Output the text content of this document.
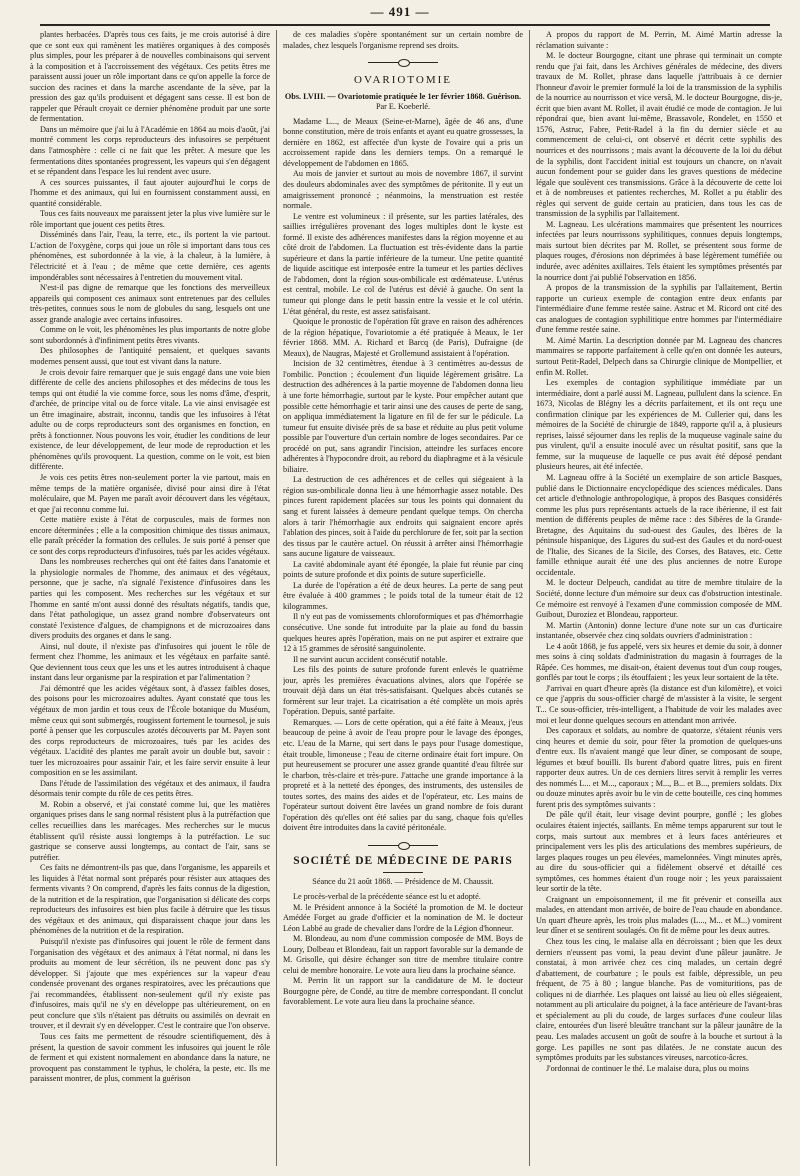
— 491 —

plantes herbacées. D'après tous ces faits, je me crois autorisé à dire que ce sont eux qui ramènent les matières organiques à des composés plus simples, pour les préparer à de nouvelles combinaisons qui servent à la composition et à l'accroissement des végétaux. Ces petits êtres me paraissent aussi jouer un rôle important dans ce qu'on appelle la force de succion des racines et dans la marche ascendante de la sève, par la pression des gaz qu'ils produisent et dégagent sans cesse. Il est bon de rappeler que Pérault croyait ce dernier phénomène produit par une sorte de fermentation.

Dans un mémoire que j'ai lu à l'Académie en 1864 au mois d'août, j'ai montré comment les corps reproducteurs des infusoires se perpétuent dans l'atmosphère : celle ci ne fait que les prêter. A mesure que les fermentations dites spontanées progressent, les vapeurs qui s'en dégagent et se répandent dans l'espace les lui rendent avec usure.

A ces sources puissantes, il faut ajouter aujourd'hui le corps de l'homme et des animaux, qui lui en fournissent constamment aussi, en quantité considérable.

Tous ces faits nouveaux me paraissent jeter la plus vive lumière sur le rôle important que jouent ces petits êtres.

Disséminés dans l'air, l'eau, la terre, etc., ils portent la vie partout. L'action de l'oxygène, corps qui joue un rôle si important dans tous ces phénomènes, est subordonnée à la vie, à la chaleur, à la lumière, à l'électricité et à l'eau ; de même que cette dernière, ces agents impondérables sont nécessaires à l'entretien du mouvement vital.

N'est-il pas digne de remarque que les fonctions des merveilleux appareils qui composent ces animaux sont entretenues par des cellules très-petites, connues sous le nom de globules du sang, lesquels ont une assez grande analogie avec certains infusoires.

Comme on le voit, les phénomènes les plus importants de notre globe sont subordonnés à d'infiniment petits êtres vivants.

Des philosophes de l'antiquité pensaient, et quelques savants modernes pensent aussi, que tout est vivant dans la nature.

Je crois devoir faire remarquer que je suis engagé dans une voie bien différente de celle des anciens philosophes et des médecins de tous les temps qui ont étudié la vie comme force, sous les noms d'âme, d'esprit, d'archée, de principe vital ou de force vitale. La vie ainsi envisagée est un être imaginaire, abstrait, inconnu, tandis que les infusoires à l'état adulte ou de corps reproducteurs sont des organismes en fonction, en prêts à fonctionner. Nous pouvons les voir, étudier les conditions de leur existence, de leur développement, de leur mode de reproduction et les phénomènes qu'ils provoquent. La question, comme on le voit, est bien différente.

Je vois ces petits êtres non-seulement porter la vie partout, mais en même temps de la matière organisée, divisé pour ainsi dire à l'état moléculaire, que M. Payen me paraît avoir découvert dans les végétaux, et que j'ai reconnu comme lui.

Cette matière existe à l'état de corpuscules, mais de formes non encore déterminées ; elle a la composition chimique des tissus animaux, elle paraît précéder la formation des cellules. Je suis porté à penser que ce sont des corps reproducteurs d'infusoires, tués par les acides végétaux.

Dans les nombreuses recherches qui ont été faites dans l'anatomie et la physiologie normales de l'homme, des animaux et des végétaux, personne, que je sache, n'a signalé l'existence d'infusoires dans les parties qui les composent. Mes recherches sur les végétaux et sur l'homme en santé m'ont aussi donné des résultats négatifs, tandis que, dans l'état pathologique, un assez grand nombre d'observateurs ont constaté l'existence d'algues, de champignons et de microzoaires dans divers produits des organes et dans le sang.

Ainsi, nul doute, il n'existe pas d'infusoires qui jouent le rôle de ferment chez l'homme, les animaux et les végétaux en parfaite santé. Que deviennent tous ceux que les uns et les autres introduisent à chaque instant dans leur organisme par la respiration et par l'alimentation ?

J'ai démontré que les acides végétaux sont, à d'assez faibles doses, des poisons pour les microzoaires adultes. Ayant constaté que tous les végétaux de mon jardin et tous ceux de l'École botanique du Muséum, même ceux qui sont submergés, rougissent fortement le tournesol, je suis porté à penser que les corpuscules azotés découverts par M. Payen sont des corps reproducteurs de microzoaires, tués par les acides des végétaux. L'acidité des plantes me paraît avoir un double but, savoir : tuer les microzoaires pour assainir l'air, et les faire servir ensuite à leur composition en se les assimilant.

Dans l'étude de l'assimilation des végétaux et des animaux, il faudra désormais tenir compte du rôle de ces petits êtres.

M. Robin a observé, et j'ai constaté comme lui, que les matières organiques prises dans le sang normal résistent plus à la putréfaction que celles recueillies dans les marécages. Mes recherches sur le mucus établissent qu'il résiste aussi longtemps à la putréfaction. Le suc gastrique se conserve aussi longtemps, au contact de l'air, sans se putréfier.

Ces faits ne démontrent-ils pas que, dans l'organisme, les appareils et les liquides à l'état normal sont préparés pour résister aux attaques des ferments vivants ? On comprend, d'après les faits connus de la digestion, de la nutrition et de la respiration, que l'organisation si délicate des corps reproducteurs des infusoires est bien plus facile à détruire que les tissus des végétaux et des animaux, qui disparaissent chaque jour dans les phénomènes de la nutrition et de la respiration.

Puisqu'il n'existe pas d'infusoires qui jouent le rôle de ferment dans l'organisation des végétaux et des animaux à l'état normal, ni dans les produits au moment de leur sécrétion, ils ne peuvent donc pas s'y développer. Si j'ajoute que mes expériences sur la vapeur d'eau condensée provenant des organes respiratoires, avec les précautions que j'ai recommandées, établissent non-seulement qu'il n'y existe pas d'infusoires, mais qu'il ne s'y en développe pas ultérieurement, on en peut conclure que s'ils n'étaient pas détruits ou assimilés on devrait en trouver, et il devrait s'y en développer. C'est le contraire que l'on observe.

Tous ces faits me permettent de résoudre scientifiquement, dès à présent, la question de savoir comment les infusoires qui jouent le rôle de ferment et qui existent normalement en abondance dans la nature, ne provoquent pas constamment le typhus, le choléra, la peste, etc. Ils me paraissent montrer, de plus, comment la guérison

de ces maladies s'opère spontanément sur un certain nombre de malades, chez lesquels l'organisme reprend ses droits.

OVARIOTOMIE
Obs. LVIII. — Ovariotomie pratiquée le 1er février 1868. Guérison.
Par E. Koeberlé.

Madame L..., de Meaux (Seine-et-Marne), âgée de 46 ans, d'une bonne constitution, mère de trois enfants et ayant eu quatre grossesses, la dernière en 1862, est affectée d'un kyste de l'ovaire qui a pris un accroissement rapide dans les derniers temps. On a remarqué le développement de l'abdomen en 1865.

Au mois de janvier et surtout au mois de novembre 1867, il survint des douleurs abdominales avec des symptômes de péritonite. Il y eut un amaigrissement prononcé ; néanmoins, la menstruation est restée normale.

Le ventre est volumineux : il présente, sur les parties latérales, des saillies irrégulières provenant des loges multiples dont le kyste est formé. Il existe des adhérences manifestes dans la région moyenne et au côté droit de l'abdomen. La fluctuation est très-évidente dans la partie supérieure et dans la partie inférieure de la tumeur. Une petite quantité de liquide ascitique est interposée entre la tumeur et les parties déclives de l'abdomen, dont la région sous-ombilicale est œdémateuse. L'utérus est central, mobile. Le col de l'utérus est dévié à gauche. On sent la tumeur qui plonge dans le petit bassin entre la vessie et le col utérin. L'état général, du reste, est assez satisfaisant.

Quoique le pronostic de l'opération fût grave en raison des adhérences de la région hépatique, l'ovariotomie a été pratiquée à Meaux, le 1er février 1868. MM. A. Richard et Barcq (de Paris), Dufraigne (de Meaux), de Naugras, Majesté et Grollemund assistaient à l'opération.

Incision de 32 centimètres, étendue à 3 centimètres au-dessus de l'ombilic. Ponction ; écoulement d'un liquide légèrement grisâtre. La destruction des adhérences à la partie moyenne de l'abdomen donna lieu à une forte hémorrhagie, surtout par le kyste. Pour empêcher autant que possible cette hémorrhagie et tarir ainsi une des causes de perte de sang, on appliqua immédiatement la ligature en fil de fer sur le pédicule. La tumeur fut ensuite divisée près de sa base et réduite au plus petit volume possible par l'ouverture d'un certain nombre de loges secondaires. Par ce procédé on put, sans agrandir l'incision, atteindre les surfaces encore adhérentes à l'hypocondre droit, au rebord du diaphragme et à la vésicule biliaire.

La destruction de ces adhérences et de celles qui siégeaient à la région sus-ombilicale donna lieu à une hémorrhagie assez notable. Des pinces furent rapidement placées sur tous les points qui donnaient du sang et furent laissées à demeure pendant quelque temps. On chercha alors à tarir l'hémorrhagie aux endroits qui saignaient encore après l'ablation des pinces, soit à l'aide du perchlorure de fer, soit par la section des tissus par le cautère actuel. On réussit à arrêter ainsi l'hémorrhagie sans aucune ligature de vaisseaux.

La cavité abdominale ayant été épongée, la plaie fut réunie par cinq points de suture profonde et dix points de suture superficielle.

La durée de l'opération a été de deux heures. La perte de sang peut être évaluée à 400 grammes ; le poids total de la tumeur était de 12 kilogrammes.

Il n'y eut pas de vomissements chloroformiques et pas d'hémorrhagie consécutive. Une sonde fut introduite par la plaie au fond du bassin quelques heures après l'opération, mais on ne put aspirer et extraire que 12 à 15 grammes de sérosité sanguinolente.

Il ne survint aucun accident consécutif notable.

Les fils des points de suture profonde furent enlevés le quatrième jour, après les premières évacuations alvines, alors que l'opérée se trouvait déjà dans un état très-satisfaisant. Quelques abcès cutanés se formèrent sur leur trajet. La cicatrisation a été complète un mois après l'opération. Depuis, santé parfaite.

Remarques. — Lors de cette opération, qui a été faite à Meaux, j'eus beaucoup de peine à avoir de l'eau propre pour le lavage des éponges, etc. L'eau de la Marne, qui sert dans le pays pour l'usage domestique, était trouble, limoneuse ; l'eau de citerne ordinaire était fort impure. On put heureusement se procurer une assez grande quantité d'eau filtrée sur le charbon, très-claire et très-pure. J'attache une grande importance à la propreté et à la netteté des éponges, des instruments, des ustensiles de toutes sortes, des mains des aides et de l'opérateur, etc. Les mains de l'opérateur surtout doivent être lavées un grand nombre de fois durant l'opération dès qu'elles ont été salies par du sang, chaque fois qu'elles doivent être introduites dans la cavité péritonéale.

SOCIÉTÉ DE MÉDECINE DE PARIS
Séance du 21 août 1868. — Présidence de M. Chaussit.

Le procès-verbal de la précédente séance est lu et adopté.

M. le Président annonce à la Société la promotion de M. le docteur Amédée Forget au grade d'officier et la nomination de M. le docteur Léon Labbé au grade de chevalier dans l'ordre de la Légion d'honneur.

M. Blondeau, au nom d'une commission composée de MM. Boys de Loury, Dolbeau et Blondeau, fait un rapport favorable sur la demande de M. Grisolle, qui désire échanger son titre de membre titulaire contre celui de membre honoraire. Le vote aura lieu dans la prochaine séance.

M. Perrin lit un rapport sur la candidature de M. le docteur Bourgogne père, de Condé, au titre de membre correspondant. Il conclut favorablement. Le vote aura lieu dans la prochaine séance.

A propos du rapport de M. Perrin, M. Aimé Martin adresse la réclamation suivante :

M. le docteur Bourgogne, citant une phrase qui terminait un compte rendu que j'ai fait, dans les Archives générales de médecine, des divers travaux de M. Rollet, phrase dans laquelle j'attribuais à ce dernier l'honneur d'avoir le premier formulé la loi de la transmission de la syphilis de la nourrice au nourrisson et vice versâ, M. le docteur Bourgogne, dis-je, écrit que bien avant M. Rollet, il avait étudié ce mode de contagion. Je lui répondrai que, bien avant lui-même, Brassavole, Rondelet, en 1550 et 1576, Astruc, Fabre, Petit-Radel à la fin du dernier siècle et au commencement de celui-ci, ont observé et décrit cette syphilis des nourrices et des nourrissons ; mais avant la découverte de la loi du début de la syphilis, dont l'accident initial est toujours un chancre, on n'avait aucun fondement pour se guider dans les graves questions de médecine légale que soulèvent ces transmissions. Grâce à la découverte de cette loi et à de nombreuses et patientes recherches, M. Rollet a pu établir des règles qui servent de guide certain au praticien, dans tous les cas de transmission de la syphilis par l'allaitement.

M. Lagneau. Les ulcérations mammaires que présentent les nourrices infectées par leurs nourrissons syphilitiques, connues depuis longtemps, mais surtout bien décrites par M. Rollet, se présentent sous forme de plaques rouges, d'érosions non déprimées à base légèrement tuméfiée ou indurée, avec adénites axillaires. Tels étaient les symptômes présentés par la nourrice dont j'ai publié l'observation en 1856.

A propos de la transmission de la syphilis par l'allaitement, Bertin rapporte un curieux exemple de contagion entre deux enfants par l'intermédiaire d'une femme restée saine. Astruc et M. Ricord ont cité des cas analogues de contagion syphilitique entre hommes par l'intermédiaire d'une femme restée saine.

M. Aimé Martin. La description donnée par M. Lagneau des chancres mammaires se rapporte parfaitement à celle qu'en ont donnée les auteurs, surtout Petit-Radel, Delpech dans sa Chirurgie clinique de Montpellier, et enfin M. Rollet.

Les exemples de contagion syphilitique immédiate par un intermédiaire, dont a parlé aussi M. Lagneau, pullulent dans la science. En 1673, Nicolas de Blégny les a décrits parfaitement, et ils ont reçu une confirmation clinique par les expériences de M. Cullerier qui, dans les mémoires de la Société de chirurgie de 1849, rapporte qu'il a, à plusieurs reprises, laissé séjourner dans les replis de la muqueuse vaginale saine du pus virulent, qu'il a ensuite inoculé avec un résultat positif, sans que la femme, sur la muqueuse de laquelle ce pus avait été déposé pendant plusieurs heures, ait été infectée.

M. Lagneau offre à la Société un exemplaire de son article Basques, publié dans le Dictionnaire encyclopédique des sciences médicales. Dans cet article d'ethnologie anthropologique, à propos des Basques considérés comme les plus purs représentants actuels de la race ibérienne, il est fait mention de différents peuples de même race : des Sibères de la Grande-Bretagne, des Aquitains du sud-ouest des Gaules, des Ibères de la péninsule hispanique, des Ligures du sud-est des Gaules et du nord-ouest de l'Italie, des Sicanes de la Sicile, des Corses, des Bataves, etc. Cette famille ethnique aurait été une des plus anciennes de notre Europe occidentale.

M. le docteur Delpeuch, candidat au titre de membre titulaire de la Société, donne lecture d'un mémoire sur deux cas d'obstruction intestinale. Ce mémoire est renvoyé à l'examen d'une commission composée de MM. Guibout, Duroziez et Blondeau, rapporteur.

M. Martin (Antonin) donne lecture d'une note sur un cas d'urticaire instantanée, observée chez cinq soldats ouvriers d'administration :

Le 4 août 1868, je fus appelé, vers six heures et demie du soir, à donner mes soins à cinq soldats d'administration du magasin à fourrages de la Râpée. Ces hommes, me disait-on, étaient devenus tout d'un coup rouges, gonflés par tout le corps ; ils étouffaient ; les yeux leur sortaient de la tête.

J'arrivai en quart d'heure après (la distance est d'un kilomètre), et voici ce que j'appris du sous-officier chargé de m'assister à la visite, le sergent T... Ce sous-officier, très-intelligent, a l'habitude de voir les malades avec moi et leur donne quelques secours en attendant mon arrivée.

Des caporaux et soldats, au nombre de quatorze, s'étaient réunis vers cinq heures et demie du soir, pour fêter la promotion de quelques-uns d'entre eux. Ils n'avaient mangé que leur dîner, se composant de soupe, légumes et bœuf bouilli. Ils burent d'abord quatre litres, puis en firent rapporter deux autres. Un de ces derniers litres servit à remplir les verres des nommés L... et M..., caporaux ; M..., B... et B..., premiers soldats. Dix ou douze minutes après avoir bu le vin de cette bouteille, ces cinq hommes furent pris des symptômes suivants :

De pâle qu'il était, leur visage devint pourpre, gonflé ; les globes oculaires étaient injectés, saillants. En même temps apparurent sur tout le corps, mais surtout aux membres et à leurs faces antérieures et principalement vers les plis des articulations des membres supérieurs, de larges plaques rouges un peu élevées, mamelonnées. Vingt minutes après, au dire du sous-officier qui a fidèlement observé et détaillé ces symptômes, ces hommes étaient d'un rouge noir ; les yeux paraissaient leur sortir de la tête.

Craignant un empoisonnement, il me fit prévenir et conseilla aux malades, en attendant mon arrivée, de boire de l'eau chaude en abondance. Un quart d'heure après, les trois plus malades (L..., M... et M...) vomirent leur dîner et se sentirent soulagés. On fit de même pour les deux autres.

Chez tous les cinq, le malaise alla en décroissant ; bien que les deux derniers n'eussent pas vomi, la peau devint d'une pâleur jaunâtre. Je constatai, à mon arrivée chez ces cinq malades, un certain degré d'abattement, de courbature ; le pouls est faible, dépressible, un peu fréquent, de 75 à 80 ; langue blanche. Pas de vomituritions, pas de coliques ni de diarrhée. Les plaques ont laissé au lieu où elles siégeaient, notamment au pli articulaire du poignet, à la face antérieure de l'avant-bras et spécialement au pli du coude, de larges surfaces d'une couleur lilas claire, entourées d'un liseré bleuâtre tranchant sur la pâleur jaunâtre de la peau. Les malades accusent un goût de soufre à la bouche et surtout à la gorge. Les papilles ne sont pas dilatées. Je ne constate aucun des symptômes produits par les substances vireuses, narcotico-âcres.

J'ordonnai de continuer le thé. Le malaise dura, plus ou moins
